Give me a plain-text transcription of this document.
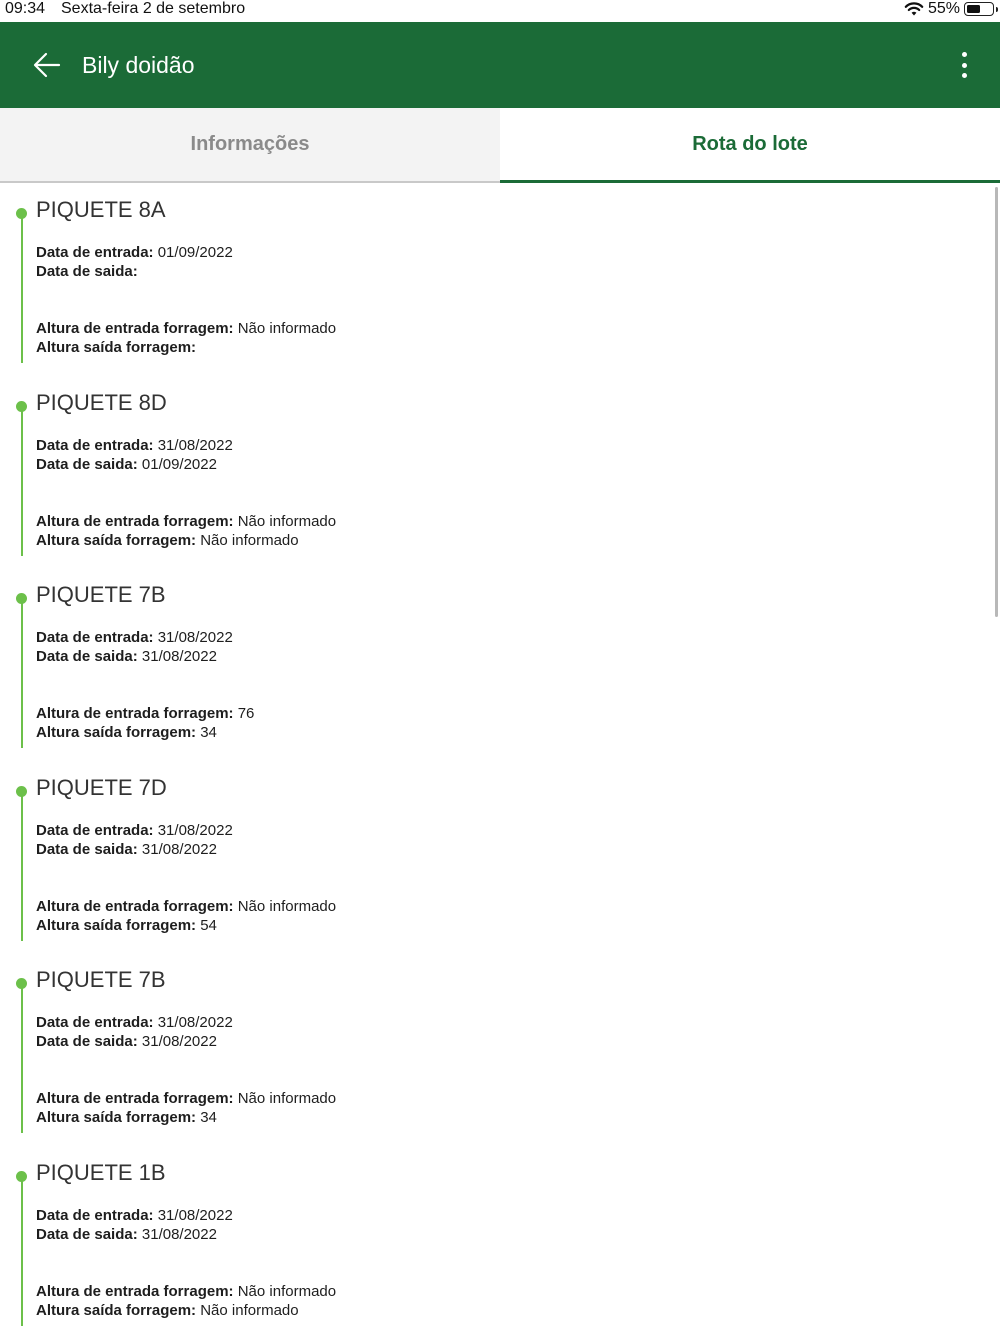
09:34 Sexta-feira 2 de setembro	55%
Bily doidão
Informações	Rota do lote
PIQUETE 8A
Data de entrada: 01/09/2022
Data de saida:
Altura de entrada forragem: Não informado
Altura saída forragem:
PIQUETE 8D
Data de entrada: 31/08/2022
Data de saida: 01/09/2022
Altura de entrada forragem: Não informado
Altura saída forragem: Não informado
PIQUETE 7B
Data de entrada: 31/08/2022
Data de saida: 31/08/2022
Altura de entrada forragem: 76
Altura saída forragem: 34
PIQUETE 7D
Data de entrada: 31/08/2022
Data de saida: 31/08/2022
Altura de entrada forragem: Não informado
Altura saída forragem: 54
PIQUETE 7B
Data de entrada: 31/08/2022
Data de saida: 31/08/2022
Altura de entrada forragem: Não informado
Altura saída forragem: 34
PIQUETE 1B
Data de entrada: 31/08/2022
Data de saida: 31/08/2022
Altura de entrada forragem: Não informado
Altura saída forragem: Não informado
